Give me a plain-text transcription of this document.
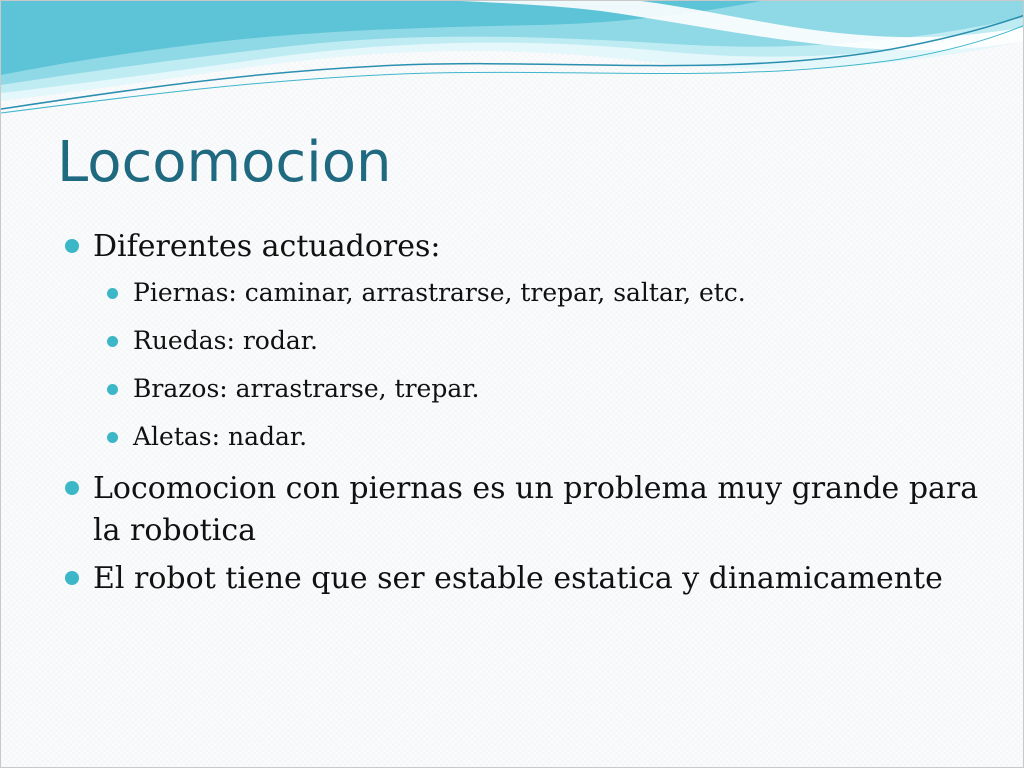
Locomocion
Diferentes actuadores:
Piernas: caminar, arrastrarse, trepar, saltar, etc.
Ruedas: rodar.
Brazos: arrastrarse, trepar.
Aletas: nadar.
Locomocion con piernas es un problema muy grande para la robotica
El robot tiene que ser estable estatica y dinamicamente
